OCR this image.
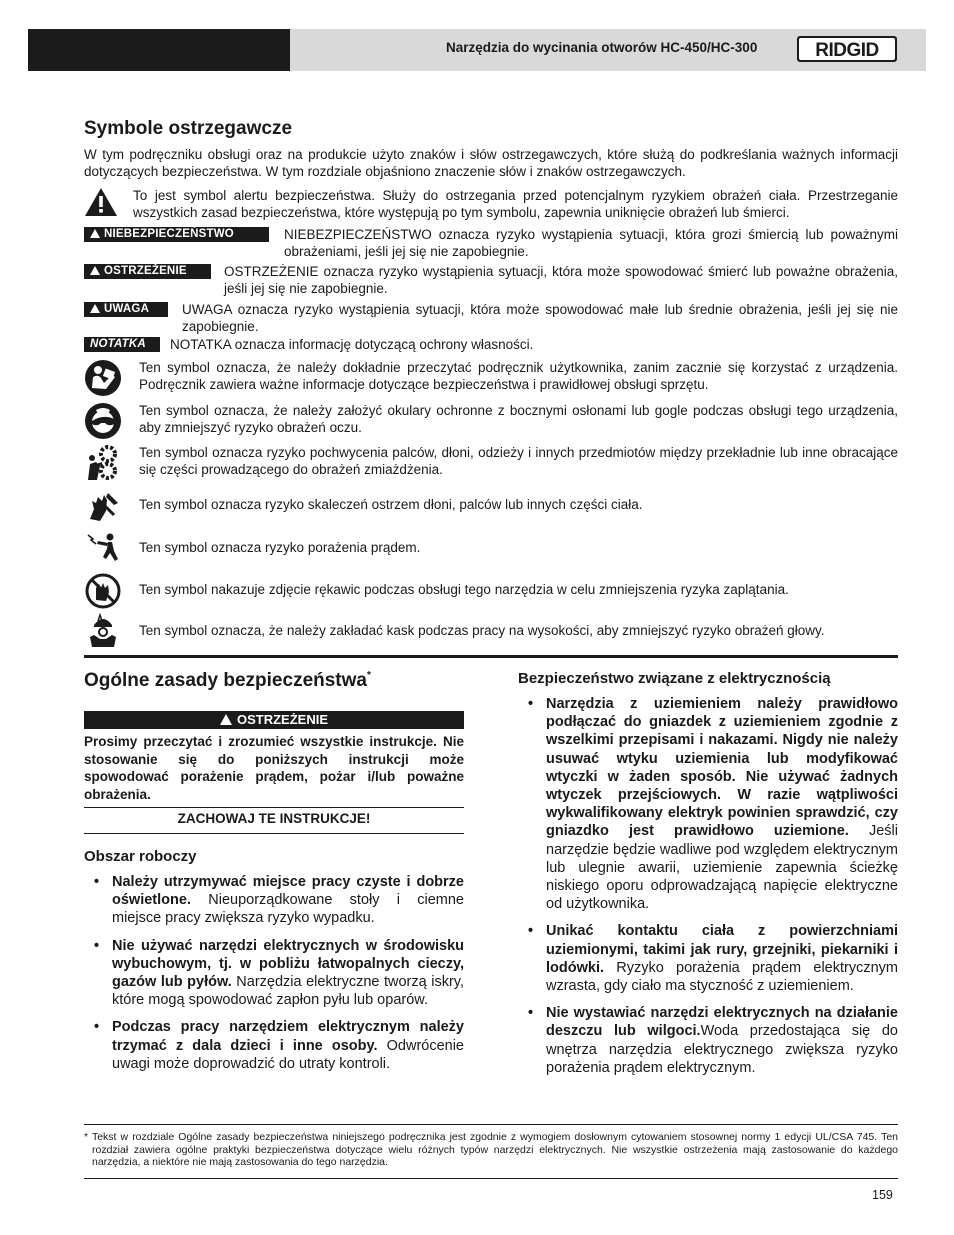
Narzędzia do wycinania otworów HC-450/HC-300	RIDGID
Symbole ostrzegawcze

W tym podręczniku obsługi oraz na produkcie użyto znaków i słów ostrzegawczych, które służą do podkreślania ważnych informacji dotyczących bezpieczeństwa. W tym rozdziale objaśniono znaczenie słów i znaków ostrzegawczych.

To jest symbol alertu bezpieczeństwa. Służy do ostrzegania przed potencjalnym ryzykiem obrażeń ciała. Przestrzeganie wszystkich zasad bezpieczeństwa, które występują po tym symbolu, zapewnia uniknięcie obrażeń lub śmierci.

NIEBEZPIECZEŃSTWO	NIEBEZPIECZEŃSTWO oznacza ryzyko wystąpienia sytuacji, która grozi śmiercią lub poważnymi obrażeniami, jeśli jej się nie zapobiegnie.

OSTRZEŻENIE	OSTRZEŻENIE oznacza ryzyko wystąpienia sytuacji, która może spowodować śmierć lub poważne obrażenia, jeśli jej się nie zapobiegnie.

UWAGA	UWAGA oznacza ryzyko wystąpienia sytuacji, która może spowodować małe lub średnie obrażenia, jeśli jej się nie zapobiegnie.

NOTATKA	NOTATKA oznacza informację dotyczącą ochrony własności.

Ten symbol oznacza, że należy dokładnie przeczytać podręcznik użytkownika, zanim zacznie się korzystać z urządzenia. Podręcznik zawiera ważne informacje dotyczące bezpieczeństwa i prawidłowej obsługi sprzętu.

Ten symbol oznacza, że należy założyć okulary ochronne z bocznymi osłonami lub gogle podczas obsługi tego urządzenia, aby zmniejszyć ryzyko obrażeń oczu.

Ten symbol oznacza ryzyko pochwycenia palców, dłoni, odzieży i innych przedmiotów między przekładnie lub inne obracające się części prowadzącego do obrażeń zmiażdżenia.

Ten symbol oznacza ryzyko skaleczeń ostrzem dłoni, palców lub innych części ciała.

Ten symbol oznacza ryzyko porażenia prądem.

Ten symbol nakazuje zdjęcie rękawic podczas obsługi tego narzędzia w celu zmniejszenia ryzyka zaplątania.

Ten symbol oznacza, że należy zakładać kask podczas pracy na wysokości, aby zmniejszyć ryzyko obrażeń głowy.

Ogólne zasady bezpieczeństwa*
OSTRZEŻENIE

Prosimy przeczytać i zrozumieć wszystkie instrukcje. Nie stosowanie się do poniższych instrukcji może spowodować porażenie prądem, pożar i/lub poważne obrażenia.

ZACHOWAJ TE INSTRUKCJE!
Obszar roboczy
• Należy utrzymywać miejsce pracy czyste i dobrze oświetlone. Nieuporządkowane stoły i ciemne miejsce pracy zwiększa ryzyko wypadku.
• Nie używać narzędzi elektrycznych w środowisku wybuchowym, tj. w pobliżu łatwopalnych cieczy, gazów lub pyłów. Narzędzia elektryczne tworzą iskry, które mogą spowodować zapłon pyłu lub oparów.
• Podczas pracy narzędziem elektrycznym należy trzymać z dala dzieci i inne osoby. Odwrócenie uwagi może doprowadzić do utraty kontroli.
Bezpieczeństwo związane z elektrycznością
• Narzędzia z uziemieniem należy prawidłowo podłączać do gniazdek z uziemieniem zgodnie z wszelkimi przepisami i nakazami. Nigdy nie należy usuwać wtyku uziemienia lub modyfikować wtyczki w żaden sposób. Nie używać żadnych wtyczek przejściowych. W razie wątpliwości wykwalifikowany elektryk powinien sprawdzić, czy gniazdko jest prawidłowo uziemione. Jeśli narzędzie będzie wadliwe pod względem elektrycznym lub ulegnie awarii, uziemienie zapewnia ścieżkę niskiego oporu odprowadzającą napięcie elektryczne od użytkownika.
• Unikać kontaktu ciała z powierzchniami uziemionymi, takimi jak rury, grzejniki, piekarniki i lodówki. Ryzyko porażenia prądem elektrycznym wzrasta, gdy ciało ma styczność z uziemieniem.
• Nie wystawiać narzędzi elektrycznych na działanie deszczu lub wilgoci.Woda przedostająca się do wnętrza narzędzia elektrycznego zwiększa ryzyko porażenia prądem elektrycznym.

* Tekst w rozdziale Ogólne zasady bezpieczeństwa niniejszego podręcznika jest zgodnie z wymogiem dosłownym cytowaniem stosownej normy 1 edycji UL/CSA 745. Ten rozdział zawiera ogólne praktyki bezpieczeństwa dotyczące wielu różnych typów narzędzi elektrycznych. Nie wszystkie ostrzeżenia mają zastosowanie do każdego narzędzia, a niektóre nie mają zastosowania do tego narzędzia.

159
